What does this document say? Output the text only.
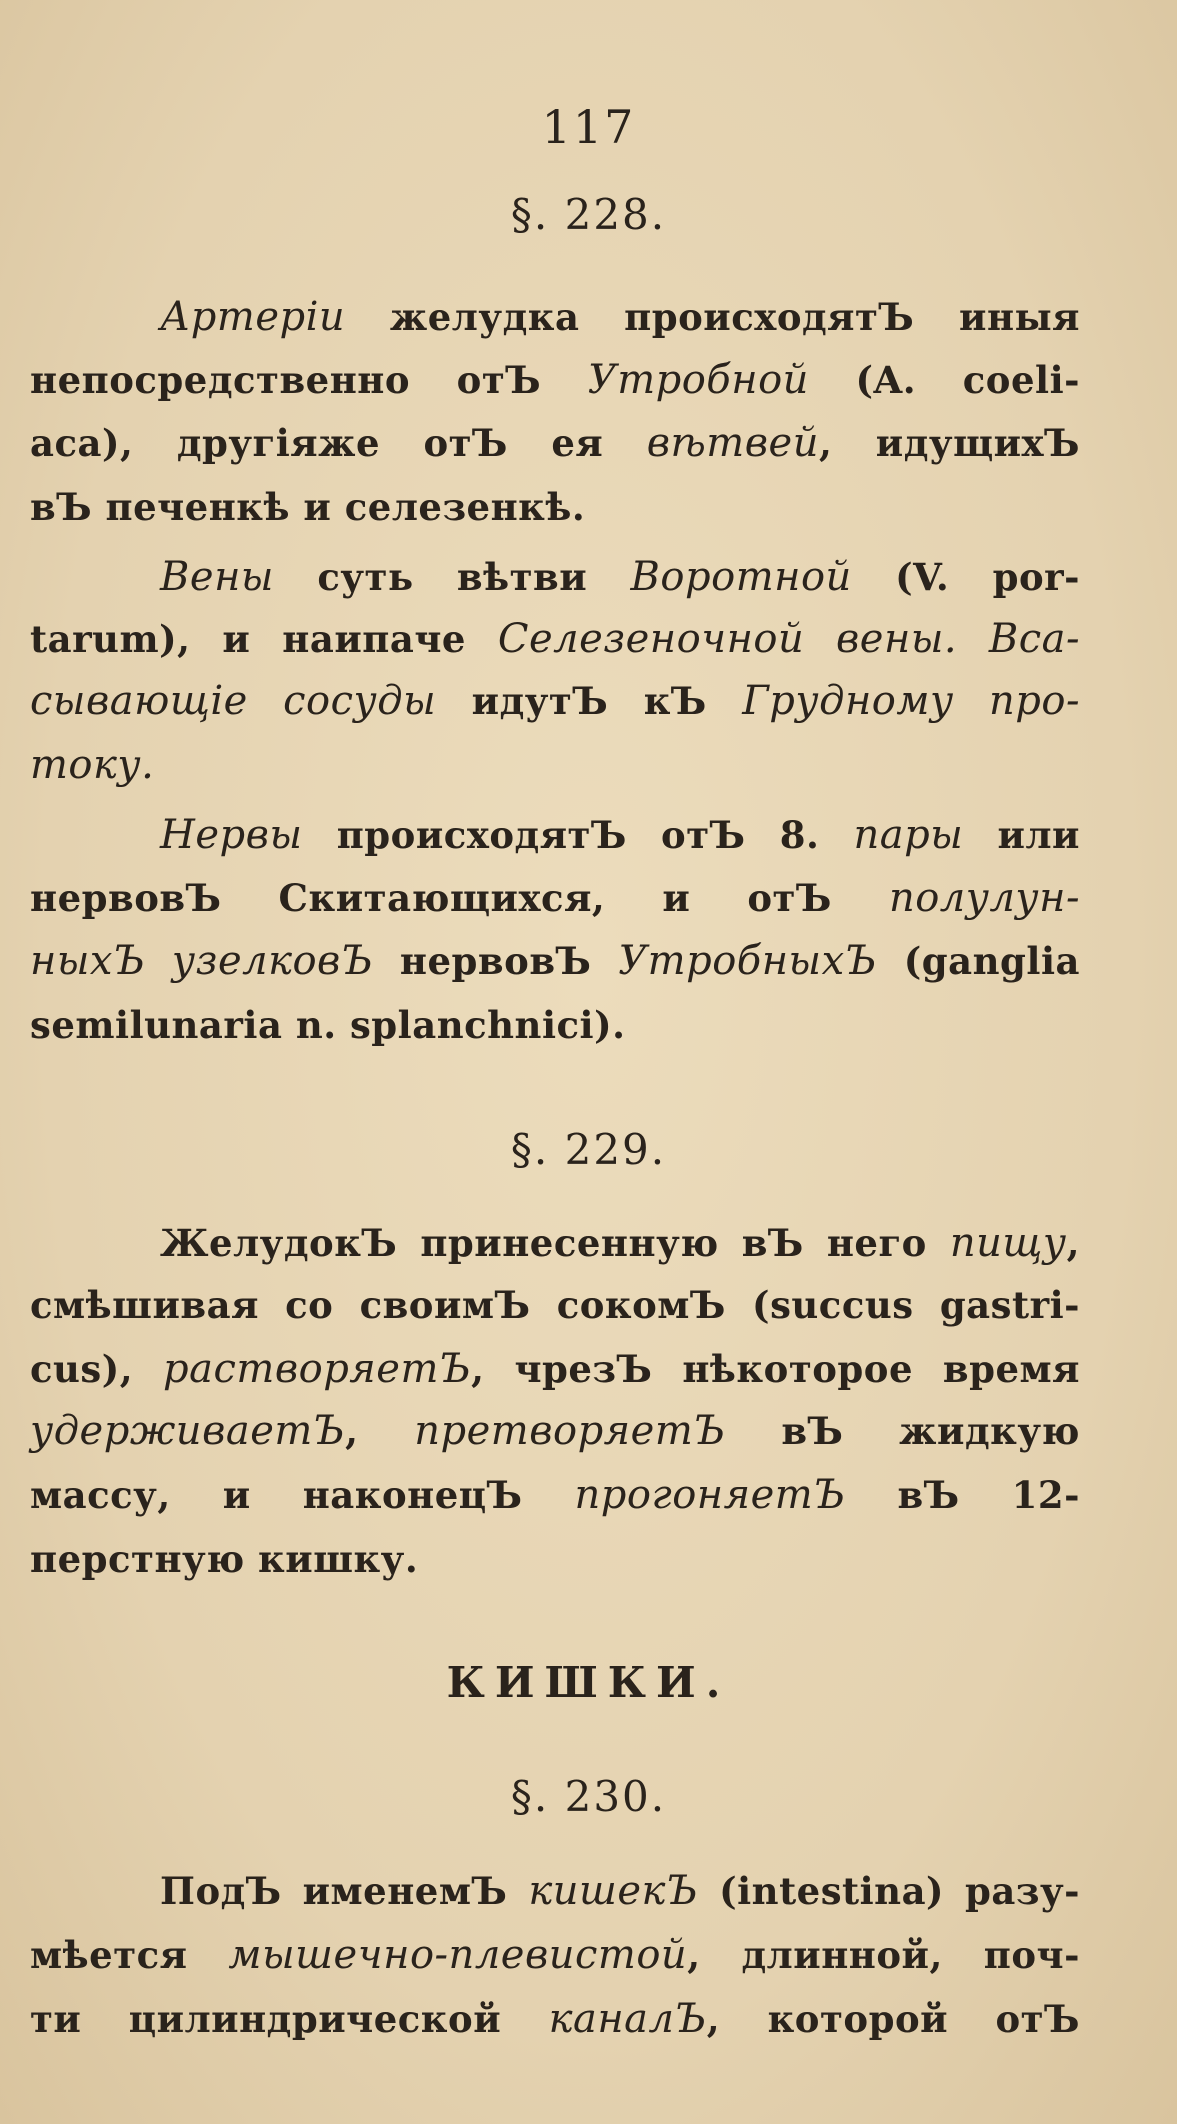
117
§. 228.
Артеріи желудка происходятЪ иныя
непосредственно отЪ Утробной (A. coeli-
aca), другіяже отЪ ея вѣтвей, идущихЪ
вЪ печенкѣ и селезенкѣ.
Вены суть вѣтви Воротной (V. por-
tarum), и наипаче Селезеночной вены. Вса-
сывающіе сосуды идутЪ кЪ Грудному про-
току.
Нервы происходятЪ отЪ 8. пары или
нервовЪ Скитающихся, и отЪ полулун-
ныхЪ узелковЪ нервовЪ УтробныхЪ (ganglia
semilunaria n. splanchnici).
§. 229.
ЖелудокЪ принесенную вЪ него пищу,
смѣшивая со своимЪ сокомЪ (succus gastri-
cus), растворяетЪ, чрезЪ нѣкоторое время
удерживаетЪ, претворяетЪ вЪ жидкую
массу, и наконецЪ прогоняетЪ вЪ 12-
перстную кишку.
КИШКИ.
§. 230.
ПодЪ именемЪ кишекЪ (intestina) разу-
мѣется мышечно-плевистой, длинной, поч-
ти цилиндрической каналЪ, которой отЪ
